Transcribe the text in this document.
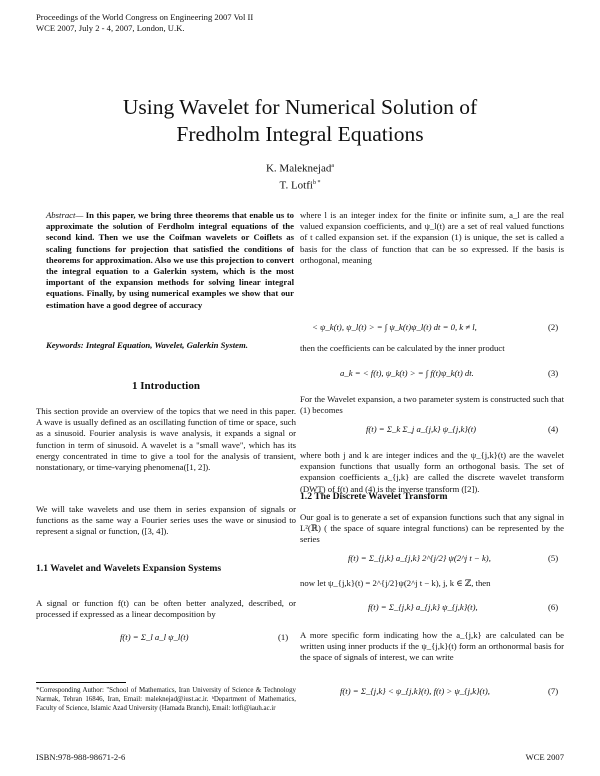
Proceedings of the World Congress on Engineering 2007 Vol II
WCE 2007, July 2 - 4, 2007, London, U.K.
Using Wavelet for Numerical Solution of
Fredholm Integral Equations
K. Maleknejad$^a$
T. Lotfi$^{b *}$
Abstract— In this paper, we bring three theorems that enable us to approximate the solution of Ferdholm integral equations of the second kind. Then we use the Coifman wavelets or Coiflets as scaling functions for projection that satisfied the conditions of theorems for approximation. Also we use this projection to convert the integral equation to a Galerkin system, which is the most important of the expansion methods for solving linear integral equations. Finally, by using numerical examples we show that our estimation have a good degree of accuracy
Keywords: Integral Equation, Wavelet, Galerkin System.
1 Introduction
This section provide an overview of the topics that we need in this paper. A wave is usually defined as an oscillating function of time or space, such as a sinusoid. Fourier analysis is wave analysis, it expands a signal or function in term of sinusoid. A wavelet is a "small wave", which has its energy concentrated in time to give a tool for the analysis of transient, nonstationary, or time-varying phenomena([1, 2]).
We will take wavelets and use them in series expansion of signals or functions as the same way a Fourier series uses the wave or sinusiod to represent a signal or function, ([3, 4]).
1.1 Wavelet and Wavelets Expansion Systems
A signal or function f(t) can be often better analyzed, described, or processed if expressed as a linear decomposition by
f(t) = Σ_l a_l ψ_l(t)	(1)
*Corresponding Author: "School of Mathematics, Iran University of Science & Technology Narmak, Tehran 16846, Iran, Email: maleknejad@iust.ac.ir. ᵇDepartment of Mathematics, Faculty of Science, Islamic Azad University (Hamada Branch), Email: lotfi@iauh.ac.ir
where l is an integer index for the finite or infinite sum, a_l are the real valued expansion coefficients, and ψ_l(t) are a set of real valued functions of t called expansion set. if the expansion (1) is unique, the set is called a basis for the class of function that can be so expressed. If the basis is orthogonal, meaning
< ψ_k(t), ψ_l(t) > = ∫ ψ_k(t)ψ_l(t) dt = 0, k ≠ l,	(2)
then the coefficients can be calculated by the inner product
a_k = < f(t), ψ_k(t) > = ∫ f(t)ψ_k(t) dt.	(3)
For the Wavelet expansion, a two parameter system is constructed such that (1) becomes
f(t) = Σ_k Σ_j a_{j,k} ψ_{j,k}(t)	(4)
where both j and k are integer indices and the ψ_{j,k}(t) are the wavelet expansion functions that usually form an orthogonal basis. The set of expansion coefficients a_{j,k} are called the discrete wavelet transform (DWT) of f(t) and (4) is the inverse transform ([2]).
1.2 The Discrete Wavelet Transform
Our goal is to generate a set of expansion functions such that any signal in L²(ℝ) ( the space of square integral functions) can be represented by the series
f(t) = Σ_{j,k} a_{j,k} 2^{j/2} ψ(2^j t − k),	(5)
now let ψ_{j,k}(t) = 2^{j/2}ψ(2^j t − k), j, k ∈ ℤ, then
f(t) = Σ_{j,k} a_{j,k} ψ_{j,k}(t),	(6)
A more specific form indicating how the a_{j,k} are calculated can be written using inner products if the ψ_{j,k}(t) form an orthonormal basis for the space of signals of interest, we can write
f(t) = Σ_{j,k} < ψ_{j,k}(t), f(t) > ψ_{j,k}(t),	(7)
ISBN:978-988-98671-2-6	WCE 2007
